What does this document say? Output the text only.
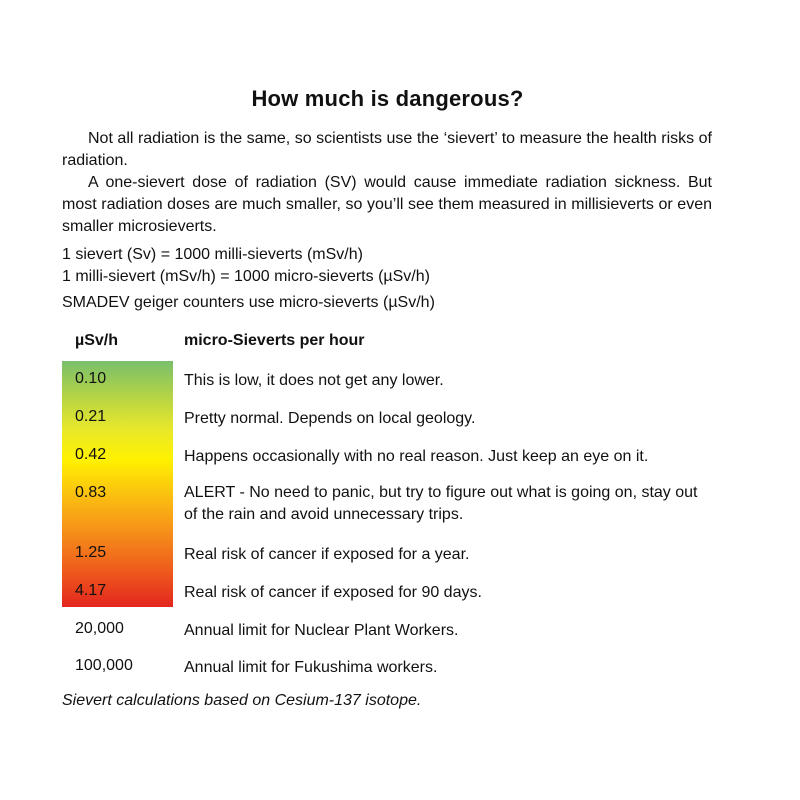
How much is dangerous?

Not all radiation is the same, so scientists use the ‘sievert’ to measure the health risks of radiation.

A one-sievert dose of radiation (SV) would cause immediate radiation sickness. But most radiation doses are much smaller, so you’ll see them measured in millisieverts or even smaller microsieverts.

1 sievert (Sv) = 1000 milli-sieverts (mSv/h)
1 milli-sievert (mSv/h) = 1000 micro-sieverts (µSv/h)
SMADEV geiger counters use micro-sieverts (µSv/h)
µSv/h	micro-Sieverts per hour
0.10	This is low, it does not get any lower.
0.21	Pretty normal. Depends on local geology.
0.42	Happens occasionally with no real reason. Just keep an eye on it.
0.83	ALERT - No need to panic, but try to figure out what is going on, stay out of the rain and avoid unnecessary trips.
1.25	Real risk of cancer if exposed for a year.
4.17	Real risk of cancer if exposed for 90 days.
20,000	Annual limit for Nuclear Plant Workers.
100,000	Annual limit for Fukushima workers.
Sievert calculations based on Cesium-137 isotope.
